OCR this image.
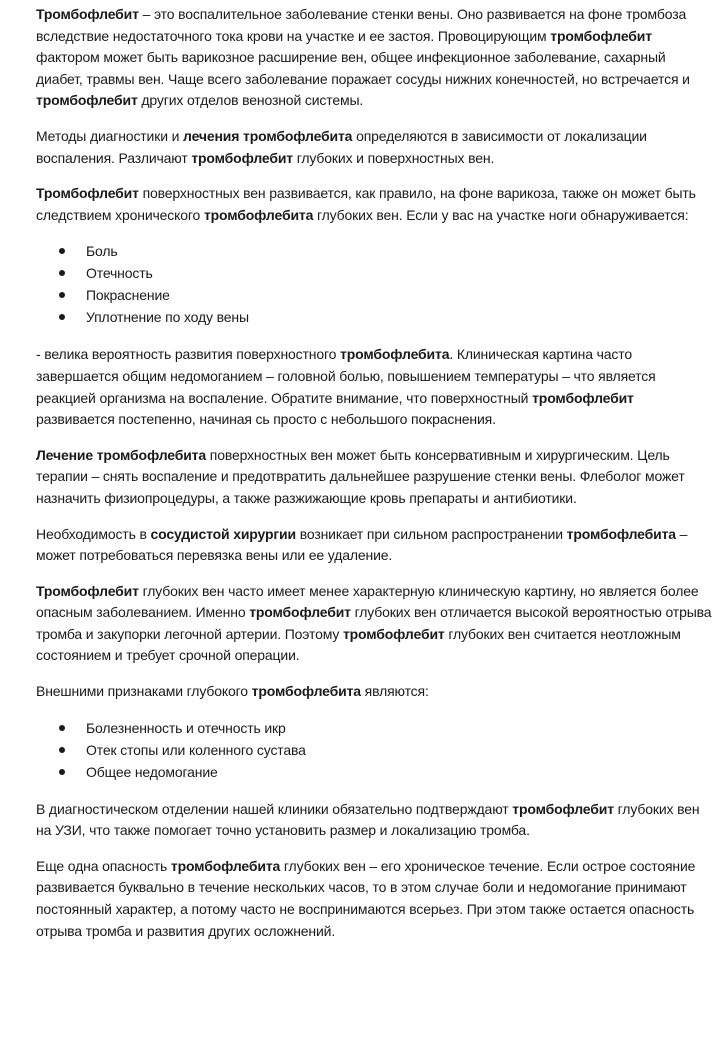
Тромбофлебит – это воспалительное заболевание стенки вены. Оно развивается на фоне тромбоза вследствие недостаточного тока крови на участке и ее застоя. Провоцирующим тромбофлебит фактором может быть варикозное расширение вен, общее инфекционное заболевание, сахарный диабет, травмы вен. Чаще всего заболевание поражает сосуды нижних конечностей, но встречается и тромбофлебит других отделов венозной системы.

Методы диагностики и лечения тромбофлебита определяются в зависимости от локализации воспаления. Различают тромбофлебит глубоких и поверхностных вен.

Тромбофлебит поверхностных вен развивается, как правило, на фоне варикоза, также он может быть следствием хронического тромбофлебита глубоких вен. Если у вас на участке ноги обнаруживается:

Боль
Отечность
Покраснение
Уплотнение по ходу вены

- велика вероятность развития поверхностного тромбофлебита. Клиническая картина часто завершается общим недомоганием – головной болью, повышением температуры – что является реакцией организма на воспаление. Обратите внимание, что поверхностный тромбофлебит развивается постепенно, начиная сь просто с небольшого покраснения.

Лечение тромбофлебита поверхностных вен может быть консервативным и хирургическим. Цель терапии – снять воспаление и предотвратить дальнейшее разрушение стенки вены. Флеболог может назначить физиопроцедуры, а также разжижающие кровь препараты и антибиотики.

Необходимость в сосудистой хирургии возникает при сильном распространении тромбофлебита – может потребоваться перевязка вены или ее удаление.

Тромбофлебит глубоких вен часто имеет менее характерную клиническую картину, но является более опасным заболеванием. Именно тромбофлебит глубоких вен отличается высокой вероятностью отрыва тромба и закупорки легочной артерии. Поэтому тромбофлебит глубоких вен считается неотложным состоянием и требует срочной операции.

Внешними признаками глубокого тромбофлебита являются:

Болезненность и отечность икр
Отек стопы или коленного сустава
Общее недомогание

В диагностическом отделении нашей клиники обязательно подтверждают тромбофлебит глубоких вен на УЗИ, что также помогает точно установить размер и локализацию тромба.

Еще одна опасность тромбофлебита глубоких вен – его хроническое течение. Если острое состояние развивается буквально в течение нескольких часов, то в этом случае боли и недомогание принимают постоянный характер, а потому часто не воспринимаются всерьез. При этом также остается опасность отрыва тромба и развития других осложнений.
